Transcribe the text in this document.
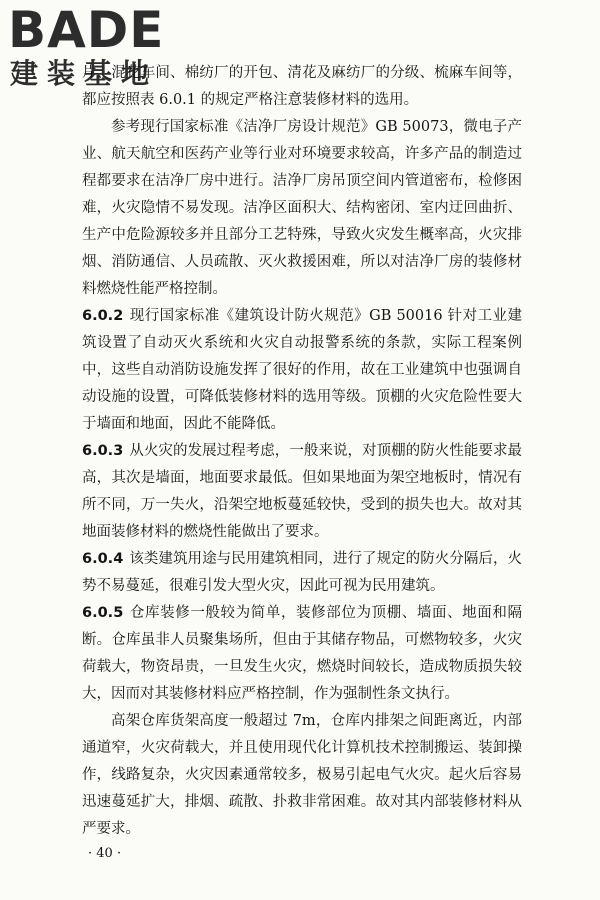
BADE
建装基地

片、混花车间、棉纺厂的开包、清花及麻纺厂的分级、梳麻车间等，都应按照表 6.0.1 的规定严格注意装修材料的选用。

参考现行国家标准《洁净厂房设计规范》GB 50073，微电子产业、航天航空和医药产业等行业对环境要求较高，许多产品的制造过程都要求在洁净厂房中进行。洁净厂房吊顶空间内管道密布，检修困难，火灾隐情不易发现。洁净区面积大、结构密闭、室内迂回曲折、生产中危险源较多并且部分工艺特殊，导致火灾发生概率高，火灾排烟、消防通信、人员疏散、灭火救援困难，所以对洁净厂房的装修材料燃烧性能严格控制。

6.0.2 现行国家标准《建筑设计防火规范》GB 50016 针对工业建筑设置了自动灭火系统和火灾自动报警系统的条款，实际工程案例中，这些自动消防设施发挥了很好的作用，故在工业建筑中也强调自动设施的设置，可降低装修材料的选用等级。顶棚的火灾危险性要大于墙面和地面，因此不能降低。

6.0.3 从火灾的发展过程考虑，一般来说，对顶棚的防火性能要求最高，其次是墙面，地面要求最低。但如果地面为架空地板时，情况有所不同，万一失火，沿架空地板蔓延较快，受到的损失也大。故对其地面装修材料的燃烧性能做出了要求。

6.0.4 该类建筑用途与民用建筑相同，进行了规定的防火分隔后，火势不易蔓延，很难引发大型火灾，因此可视为民用建筑。

6.0.5 仓库装修一般较为简单，装修部位为顶棚、墙面、地面和隔断。仓库虽非人员聚集场所，但由于其储存物品，可燃物较多，火灾荷载大，物资昂贵，一旦发生火灾，燃烧时间较长，造成物质损失较大，因而对其装修材料应严格控制，作为强制性条文执行。

高架仓库货架高度一般超过 7m，仓库内排架之间距离近，内部通道窄，火灾荷载大，并且使用现代化计算机技术控制搬运、装卸操作，线路复杂，火灾因素通常较多，极易引起电气火灾。起火后容易迅速蔓延扩大，排烟、疏散、扑救非常困难。故对其内部装修材料从严要求。

· 40 ·
